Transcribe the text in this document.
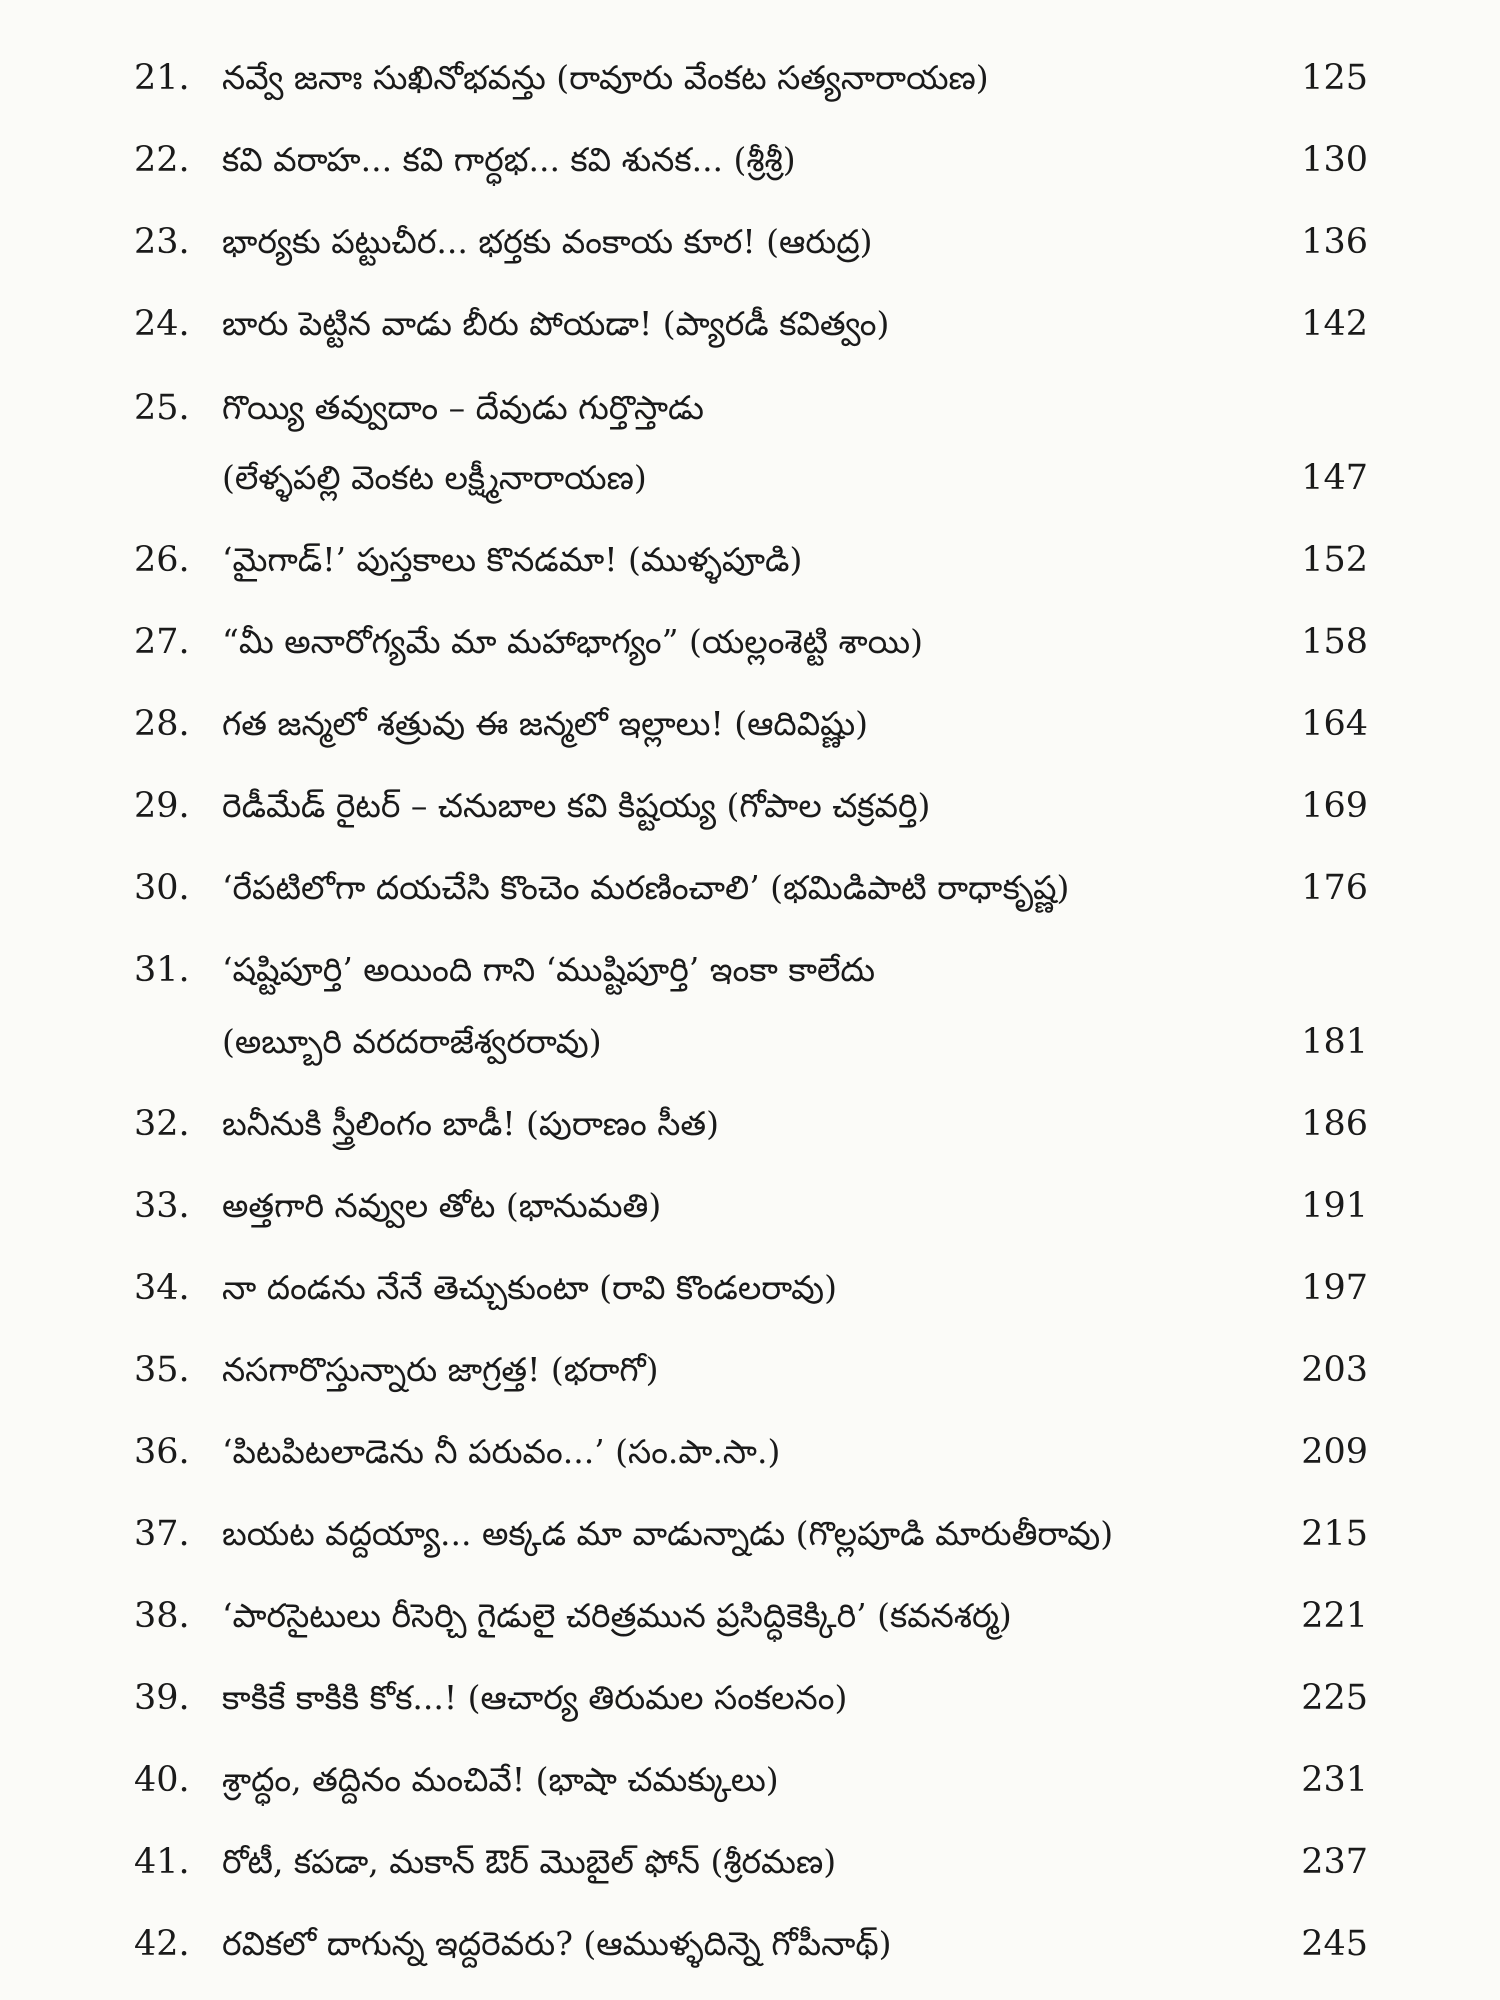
21. నవ్వే జనాః సుఖినోభవన్తు (రావూరు వేంకట సత్యనారాయణ)	125
22. కవి వరాహ... కవి గార్ధభ... కవి శునక... (శ్రీశ్రీ)	130
23. భార్యకు పట్టుచీర... భర్తకు వంకాయ కూర! (ఆరుద్ర)	136
24. బారు పెట్టిన వాడు బీరు పోయడా! (ప్యారడీ కవిత్వం)	142
25. గొయ్యి తవ్వుదాం – దేవుడు గుర్తొస్తాడు
(లేళ్ళపల్లి వెంకట లక్ష్మీనారాయణ)	147
26. ‘మైగాడ్!’ పుస్తకాలు కొనడమా! (ముళ్ళపూడి)	152
27. “మీ అనారోగ్యమే మా మహాభాగ్యం” (యల్లంశెట్టి శాయి)	158
28. గత జన్మలో శత్రువు ఈ జన్మలో ఇల్లాలు! (ఆదివిష్ణు)	164
29. రెడీమేడ్ రైటర్ – చనుబాల కవి కిష్టయ్య (గోపాల చక్రవర్తి)	169
30. ‘రేపటిలోగా దయచేసి కొంచెం మరణించాలి’ (భమిడిపాటి రాధాకృష్ణ)	176
31. ‘షష్టిపూర్తి’ అయింది గాని ‘ముష్టిపూర్తి’ ఇంకా కాలేదు
(అబ్బూరి వరదరాజేశ్వరరావు)	181
32. బనీనుకి స్త్రీలింగం బాడీ! (పురాణం సీత)	186
33. అత్తగారి నవ్వుల తోట (భానుమతి)	191
34. నా దండను నేనే తెచ్చుకుంటా (రావి కొండలరావు)	197
35. నసగారొస్తున్నారు జాగ్రత్త! (భరాగో)	203
36. ‘పిటపిటలాడెను నీ పరువం...’ (సం.పా.సా.)	209
37. బయట వద్దయ్యా... అక్కడ మా వాడున్నాడు (గొల్లపూడి మారుతీరావు)	215
38. ‘పారసైటులు రీసెర్చి గైడులై చరిత్రమున ప్రసిద్ధికెక్కిరి’ (కవనశర్మ)	221
39. కాకికే కాకికి కోక...! (ఆచార్య తిరుమల సంకలనం)	225
40. శ్రాద్ధం, తద్దినం మంచివే! (భాషా చమక్కులు)	231
41. రోటీ, కపడా, మకాన్ ఔర్ మొబైల్ ఫోన్ (శ్రీరమణ)	237
42. రవికలో దాగున్న ఇద్దరెవరు? (ఆముళ్ళదిన్నె గోపీనాథ్)	245
